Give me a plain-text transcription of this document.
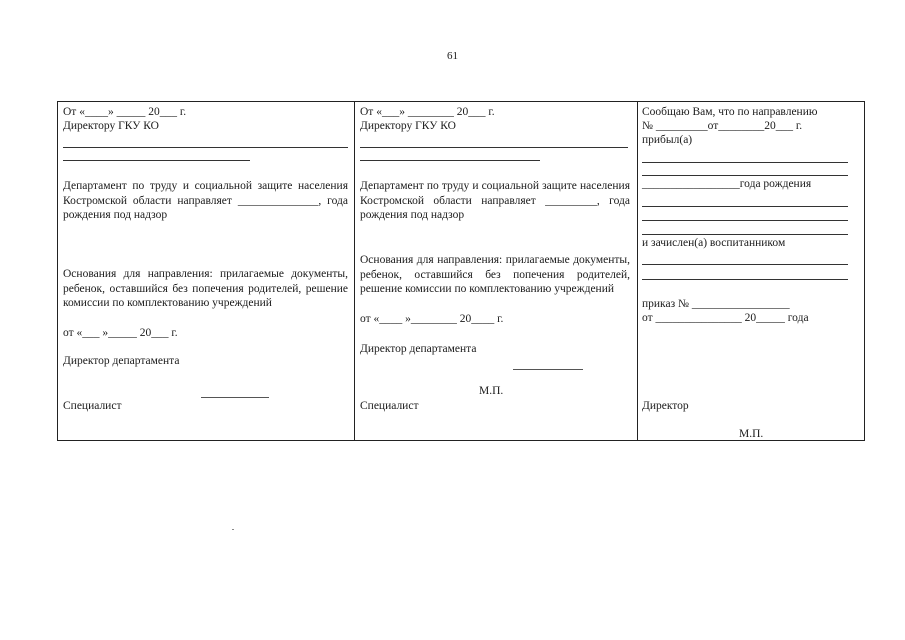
61
От «____» _____ 20___ г.
Директору ГКУ КО
Департамент по труду и социальной защите населения Костромской области направляет ______________, года рождения под надзор
Основания для направления: прилагаемые документы, ребенок, оставшийся без попечения родителей, решение комиссии по комплектованию учреждений
от «___ »_____ 20___ г.
Директор департамента
Специалист
От «___» ________ 20___ г.
Директору ГКУ КО
Департамент по труду и социальной защите населения Костромской области направляет _________, года рождения под надзор
Основания для направления: прилагаемые документы, ребенок, оставшийся без попечения родителей, решение комиссии по комплектованию учреждений
от «____ »________ 20____ г.
Директор департамента
М.П.
Специалист
Сообщаю Вам, что по направлению
№ _________от________20___ г.
прибыл(а)
_________________года рождения
и зачислен(а) воспитанником
приказ № _________________
от _______________ 20_____ года
Директор
М.П.
